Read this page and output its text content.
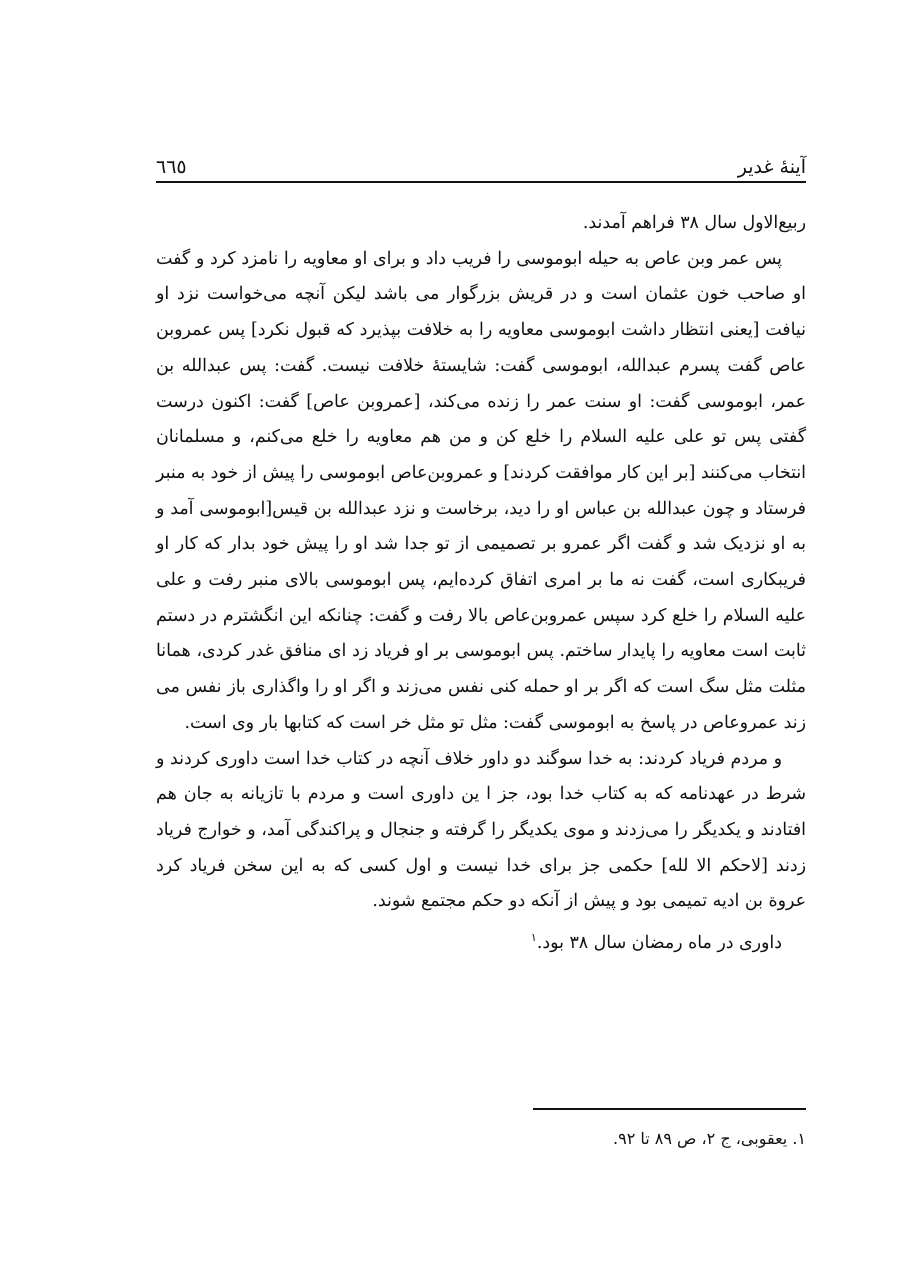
آینهٔ غدیر
٦٦٥

ربیع‌الاول سال ۳۸ فراهم آمدند.

پس عمر وبن عاص به حیله ابوموسی را فریب داد و برای او معاویه را نامزد کرد و گفت او صاحب خون عثمان است و در قریش بزرگوار می باشد لیکن آنچه می‌خواست نزد او نیافت [یعنی انتظار داشت ابوموسی معاویه را به خلافت بپذیرد که قبول نکرد] پس عمروبن عاص گفت پسرم عبدالله، ابوموسی گفت: شایستهٔ خلافت نیست. گفت: پس عبدالله بن عمر، ابوموسی گفت: او سنت عمر را زنده می‌کند، [عمروبن عاص] گفت: اکنون درست گفتی پس تو علی عليه السلام را خلع کن و من هم معاویه را خلع می‌کنم، و مسلمانان انتخاب می‌کنند [بر این کار موافقت کردند] و عمروبن‌عاص ابوموسی را پیش از خود به منبر فرستاد و چون عبدالله بن عباس او را دید، برخاست و نزد عبدالله بن قیس[ابوموسی آمد و به او نزدیک شد و گفت اگر عمرو بر تصمیمی از تو جدا شد او را پیش خود بدار که کار او فریبکاری است، گفت نه ما بر امری اتفاق کرده‌ایم، پس ابوموسی بالای منبر رفت و علی عليه السلام را خلع کرد سپس عمروبن‌عاص بالا رفت و گفت: چنانکه این انگشترم در دستم ثابت است معاویه را پایدار ساختم. پس ابوموسی بر او فریاد زد ای منافق غدر کردی، همانا مثلت مثل سگ است که اگر بر او حمله کنی نفس می‌زند و اگر او را واگذاری باز نفس می زند عمروعاص در پاسخ به ابوموسی گفت: مثل تو مثل خر است که کتابها بار وی است.

و مردم فریاد کردند: به خدا سوگند دو داور خلاف آنچه در کتاب خدا است داوری کردند و شرط در عهدنامه که به کتاب خدا بود، جز ا ین داوری است و مردم با تازیانه به جان هم افتادند و یکدیگر را می‌زدند و موی یکدیگر را گرفته و جنجال و پراکندگی آمد، و خوارج فریاد زدند [لاحکم الا لله] حکمی جز برای خدا نیست و اول کسی که به این سخن فریاد کرد عروة بن ادیه تمیمی بود و پیش از آنکه دو حکم مجتمع شوند.

داوری در ماه رمضان سال ۳۸ بود.$^۱$

۱. یعقوبی، ج ۲، ص ۸۹ تا ۹۲.
